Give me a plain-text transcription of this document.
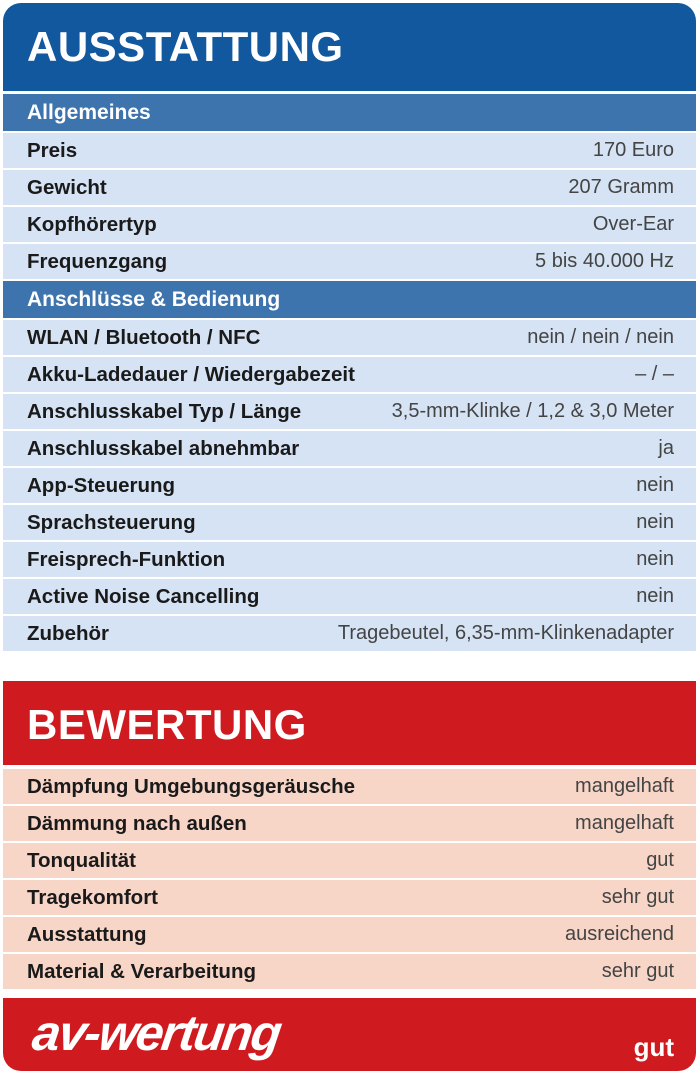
AUSSTATTUNG
Allgemeines
Preis	170 Euro
Gewicht	207 Gramm
Kopfhörertyp	Over-Ear
Frequenzgang	5 bis 40.000 Hz
Anschlüsse & Bedienung
WLAN / Bluetooth / NFC	nein / nein / nein
Akku-Ladedauer / Wiedergabezeit	– / –
Anschlusskabel Typ / Länge	3,5-mm-Klinke / 1,2 & 3,0 Meter
Anschlusskabel abnehmbar	ja
App-Steuerung	nein
Sprachsteuerung	nein
Freisprech-Funktion	nein
Active Noise Cancelling	nein
Zubehör	Tragebeutel, 6,35-mm-Klinkenadapter
BEWERTUNG
Dämpfung Umgebungsgeräusche	mangelhaft
Dämmung nach außen	mangelhaft
Tonqualität	gut
Tragekomfort	sehr gut
Ausstattung	ausreichend
Material & Verarbeitung	sehr gut
av-wertung	gut
